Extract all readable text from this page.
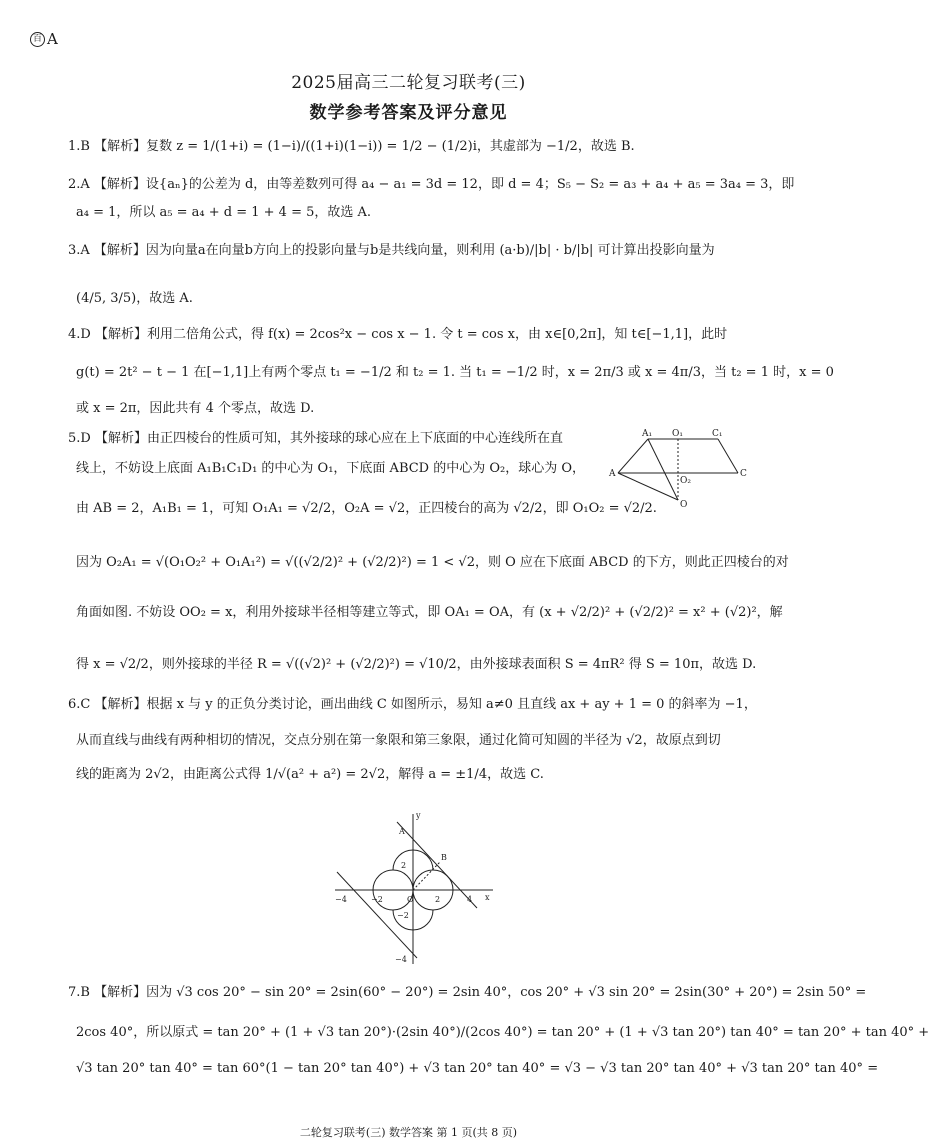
百 A
2025届高三二轮复习联考(三)
数学参考答案及评分意见
1.B 【解析】复数 z = 1/(1+i) = (1−i)/((1+i)(1−i)) = 1/2 − (1/2)i，其虚部为 −1/2，故选 B.
2.A 【解析】设{aₙ}的公差为 d，由等差数列可得 a₄ − a₁ = 3d = 12，即 d = 4；S₅ − S₂ = a₃ + a₄ + a₅ = 3a₄ = 3，即
a₄ = 1，所以 a₅ = a₄ + d = 1 + 4 = 5，故选 A.
3.A 【解析】因为向量a在向量b方向上的投影向量与b是共线向量，则利用 (a·b)/|b| · b/|b| 可计算出投影向量为
(4/5, 3/5)，故选 A.
4.D 【解析】利用二倍角公式，得 f(x) = 2cos²x − cos x − 1. 令 t = cos x，由 x∈[0,2π]，知 t∈[−1,1]，此时
g(t) = 2t² − t − 1 在[−1,1]上有两个零点 t₁ = −1/2 和 t₂ = 1. 当 t₁ = −1/2 时，x = 2π/3 或 x = 4π/3，当 t₂ = 1 时，x = 0
或 x = 2π，因此共有 4 个零点，故选 D.
5.D 【解析】由正四棱台的性质可知，其外接球的球心应在上下底面的中心连线所在直
线上，不妨设上底面 A₁B₁C₁D₁ 的中心为 O₁，下底面 ABCD 的中心为 O₂，球心为 O，
由 AB = 2，A₁B₁ = 1，可知 O₁A₁ = √2/2，O₂A = √2，正四棱台的高为 √2/2，即 O₁O₂ = √2/2.
因为 O₂A₁ = √(O₁O₂² + O₁A₁²) = √((√2/2)² + (√2/2)²) = 1 < √2，则 O 应在下底面 ABCD 的下方，则此正四棱台的对
角面如图. 不妨设 OO₂ = x，利用外接球半径相等建立等式，即 OA₁ = OA，有 (x + √2/2)² + (√2/2)² = x² + (√2)²，解
得 x = √2/2，则外接球的半径 R = √((√2)² + (√2/2)²) = √10/2，由外接球表面积 S = 4πR² 得 S = 10π，故选 D.
6.C 【解析】根据 x 与 y 的正负分类讨论，画出曲线 C 如图所示，易知 a≠0 且直线 ax + ay + 1 = 0 的斜率为 −1，
从而直线与曲线有两种相切的情况，交点分别在第一象限和第三象限，通过化简可知圆的半径为 √2，故原点到切
线的距离为 2√2，由距离公式得 1/√(a² + a²) = 2√2，解得 a = ±1/4，故选 C.
7.B 【解析】因为 √3 cos 20° − sin 20° = 2sin(60° − 20°) = 2sin 40°，cos 20° + √3 sin 20° = 2sin(30° + 20°) = 2sin 50° =
2cos 40°，所以原式 = tan 20° + (1 + √3 tan 20°)·(2sin 40°)/(2cos 40°) = tan 20° + (1 + √3 tan 20°) tan 40° = tan 20° + tan 40° +
√3 tan 20° tan 40° = tan 60°(1 − tan 20° tan 40°) + √3 tan 20° tan 40° = √3 − √3 tan 20° tan 40° + √3 tan 20° tan 40° =
A₁ O₁	C₁
A
O₂
C
O
y
A
B
2
−4	−2	O	2	4 x
−2
−4
二轮复习联考(三) 数学答案 第 1 页(共 8 页)
